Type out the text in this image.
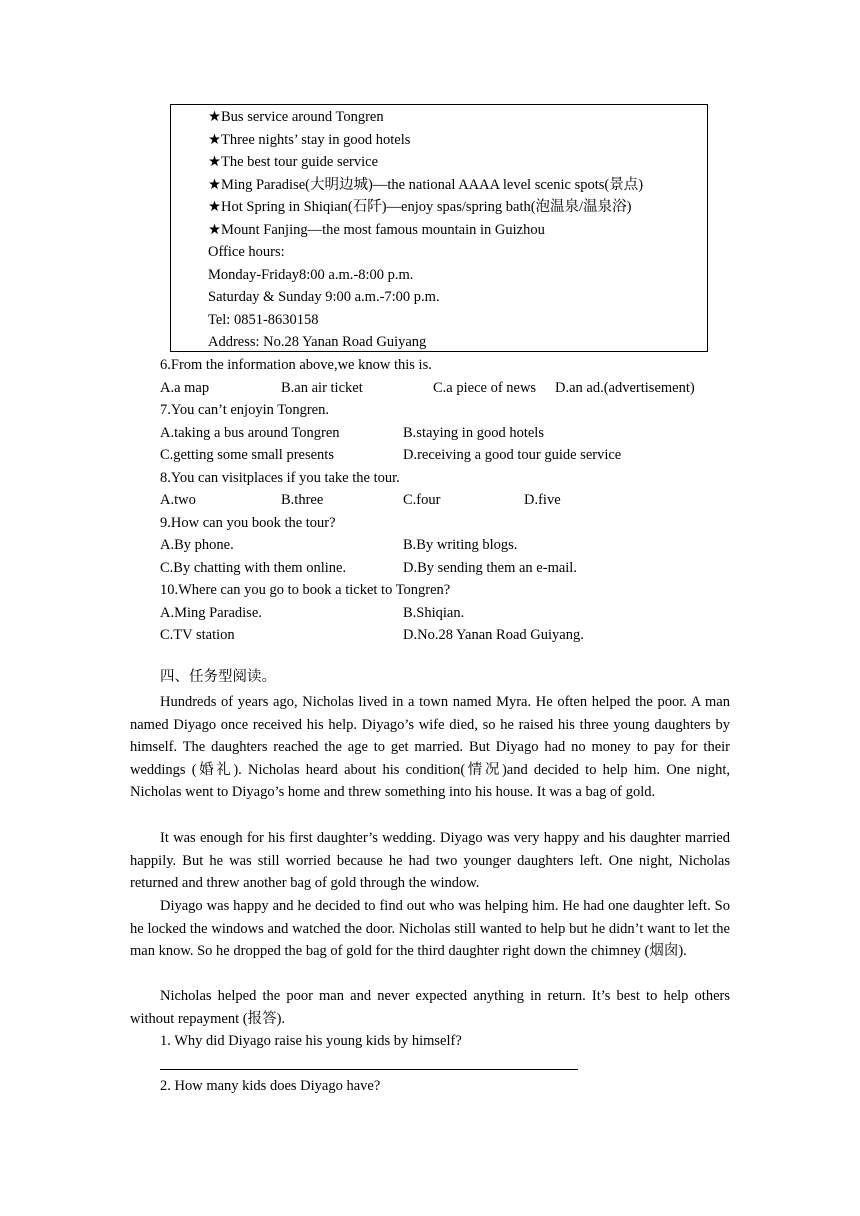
★Bus service around Tongren
★Three nights’ stay in good hotels
★The best tour guide service
★Ming Paradise(大明边城)—the national AAAA level scenic spots(景点)
★Hot Spring in Shiqian(石阡)—enjoy spas/spring bath(泡温泉/温泉浴)
★Mount Fanjing—the most famous mountain in Guizhou
Office hours:
Monday-Friday8:00 a.m.-8:00 p.m.
Saturday & Sunday 9:00 a.m.-7:00 p.m.
Tel: 0851-8630158
Address: No.28 Yanan Road Guiyang
6.From the information above,we know this is.
A.a map	B.an air ticket	C.a piece of news D.an ad.(advertisement)
7.You can’t enjoyin Tongren.
A.taking a bus around Tongren	B.staying in good hotels
C.getting some small presents	D.receiving a good tour guide service
8.You can visitplaces if you take the tour.
A.two	B.three	C.four	D.five
9.How can you book the tour?
A.By phone.	B.By writing blogs.
C.By chatting with them online.	D.By sending them an e-mail.
10.Where can you go to book a ticket to Tongren?
A.Ming Paradise.	B.Shiqian.
C.TV station	D.No.28 Yanan Road Guiyang.
四、任务型阅读。

Hundreds of years ago, Nicholas lived in a town named Myra. He often helped the poor. A man named Diyago once received his help. Diyago’s wife died, so he raised his three young daughters by himself. The daughters reached the age to get married. But Diyago had no money to pay for their weddings (婚礼). Nicholas heard about his condition(情况)and decided to help him. One night, Nicholas went to Diyago’s home and threw something into his house. It was a bag of gold.

It was enough for his first daughter’s wedding. Diyago was very happy and his daughter married happily. But he was still worried because he had two younger daughters left. One night, Nicholas returned and threw another bag of gold through the window.

Diyago was happy and he decided to find out who was helping him. He had one daughter left. So he locked the windows and watched the door. Nicholas still wanted to help but he didn’t want to let the man know. So he dropped the bag of gold for the third daughter right down the chimney (烟囱).

Nicholas helped the poor man and never expected anything in return. It’s best to help others without repayment (报答).

1. Why did Diyago raise his young kids by himself?
2. How many kids does Diyago have?
